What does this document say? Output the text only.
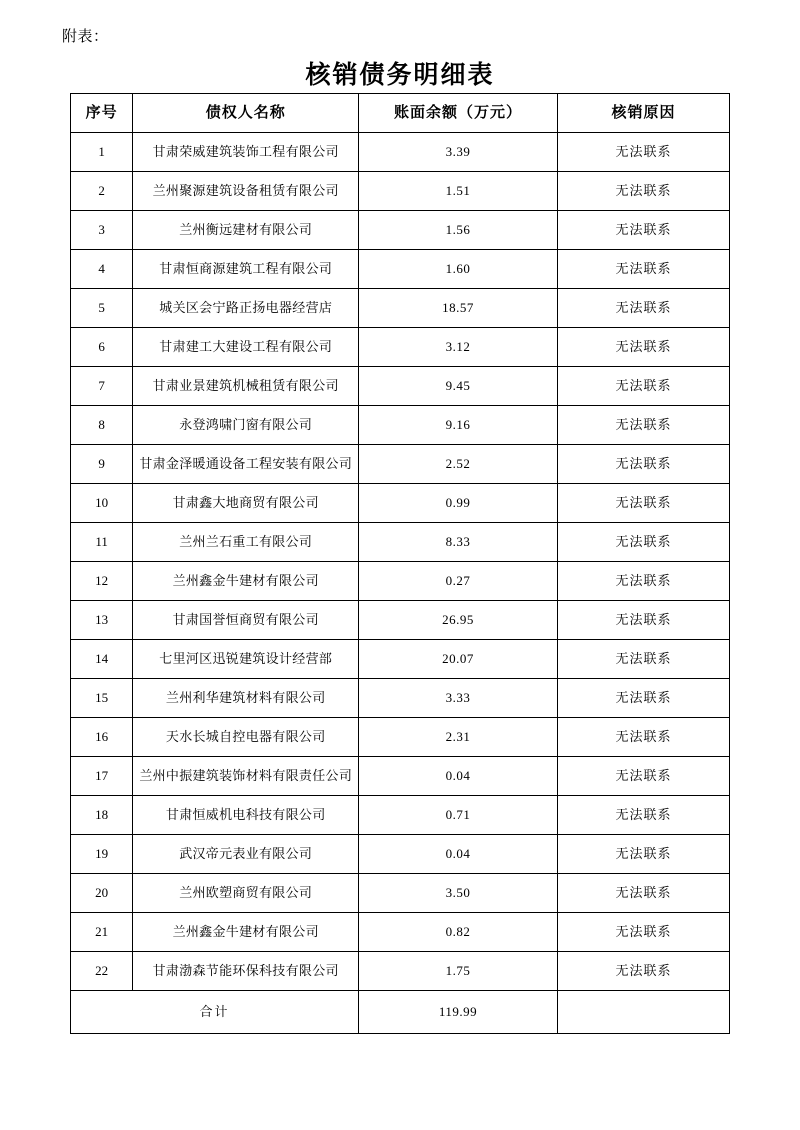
附表：
核销债务明细表
序号	债权人名称	账面余额（万元）	核销原因
1	甘肃荣威建筑装饰工程有限公司	3.39	无法联系
2	兰州聚源建筑设备租赁有限公司	1.51	无法联系
3	兰州衡远建材有限公司	1.56	无法联系
4	甘肃恒商源建筑工程有限公司	1.60	无法联系
5	城关区会宁路正扬电器经营店	18.57	无法联系
6	甘肃建工大建设工程有限公司	3.12	无法联系
7	甘肃业景建筑机械租赁有限公司	9.45	无法联系
8	永登鸿啸门窗有限公司	9.16	无法联系
9	甘肃金泽暖通设备工程安装有限公司	2.52	无法联系
10	甘肃鑫大地商贸有限公司	0.99	无法联系
11	兰州兰石重工有限公司	8.33	无法联系
12	兰州鑫金牛建材有限公司	0.27	无法联系
13	甘肃国誉恒商贸有限公司	26.95	无法联系
14	七里河区迅锐建筑设计经营部	20.07	无法联系
15	兰州利华建筑材料有限公司	3.33	无法联系
16	天水长城自控电器有限公司	2.31	无法联系
17	兰州中振建筑装饰材料有限责任公司	0.04	无法联系
18	甘肃恒威机电科技有限公司	0.71	无法联系
19	武汉帝元表业有限公司	0.04	无法联系
20	兰州欧塑商贸有限公司	3.50	无法联系
21	兰州鑫金牛建材有限公司	0.82	无法联系
22	甘肃渤森节能环保科技有限公司	1.75	无法联系
合计		119.99	
